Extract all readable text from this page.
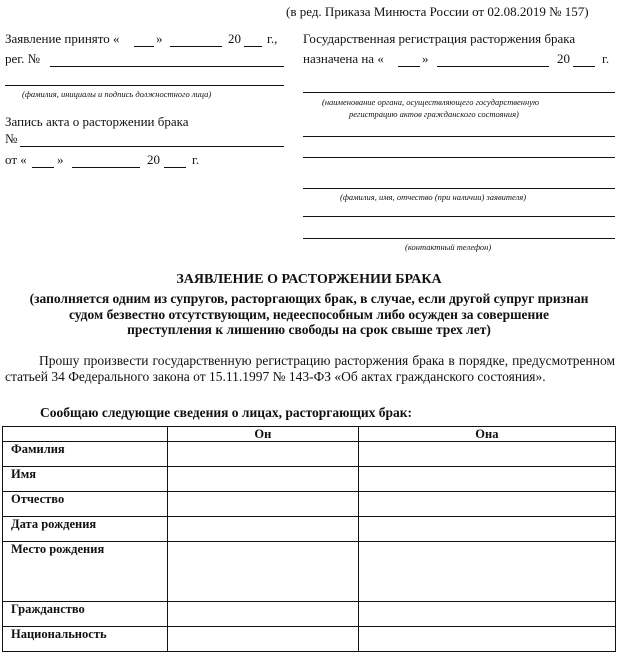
(в ред. Приказа Минюста России от 02.08.2019 № 157)
Заявление принято «	»	20 г.,
рег. №
(фамилия, инициалы и подпись должностного лица)
Запись акта о расторжении брака
№
от « »	20 г.
Государственная регистрация расторжения брака
назначена на «	»	20 г.
(наименование органа, осуществляющего государственную
регистрацию актов гражданского состояния)
(фамилия, имя, отчество (при наличии) заявителя)
(контактный телефон)
ЗАЯВЛЕНИЕ О РАСТОРЖЕНИИ БРАКА
(заполняется одним из супругов, расторгающих брак, в случае, если другой супруг признан
судом безвестно отсутствующим, недееспособным либо осужден за совершение
преступления к лишению свободы на срок свыше трех лет)
Прошу произвести государственную регистрацию расторжения брака в порядке, предусмотренном статьей 34 Федерального закона от 15.11.1997 № 143-ФЗ «Об актах гражданского состояния».
Сообщаю следующие сведения о лицах, расторгающих брак:
	Он	Она
Фамилия		
Имя		
Отчество		
Дата рождения		
Место рождения		
Гражданство		
Национальность		
